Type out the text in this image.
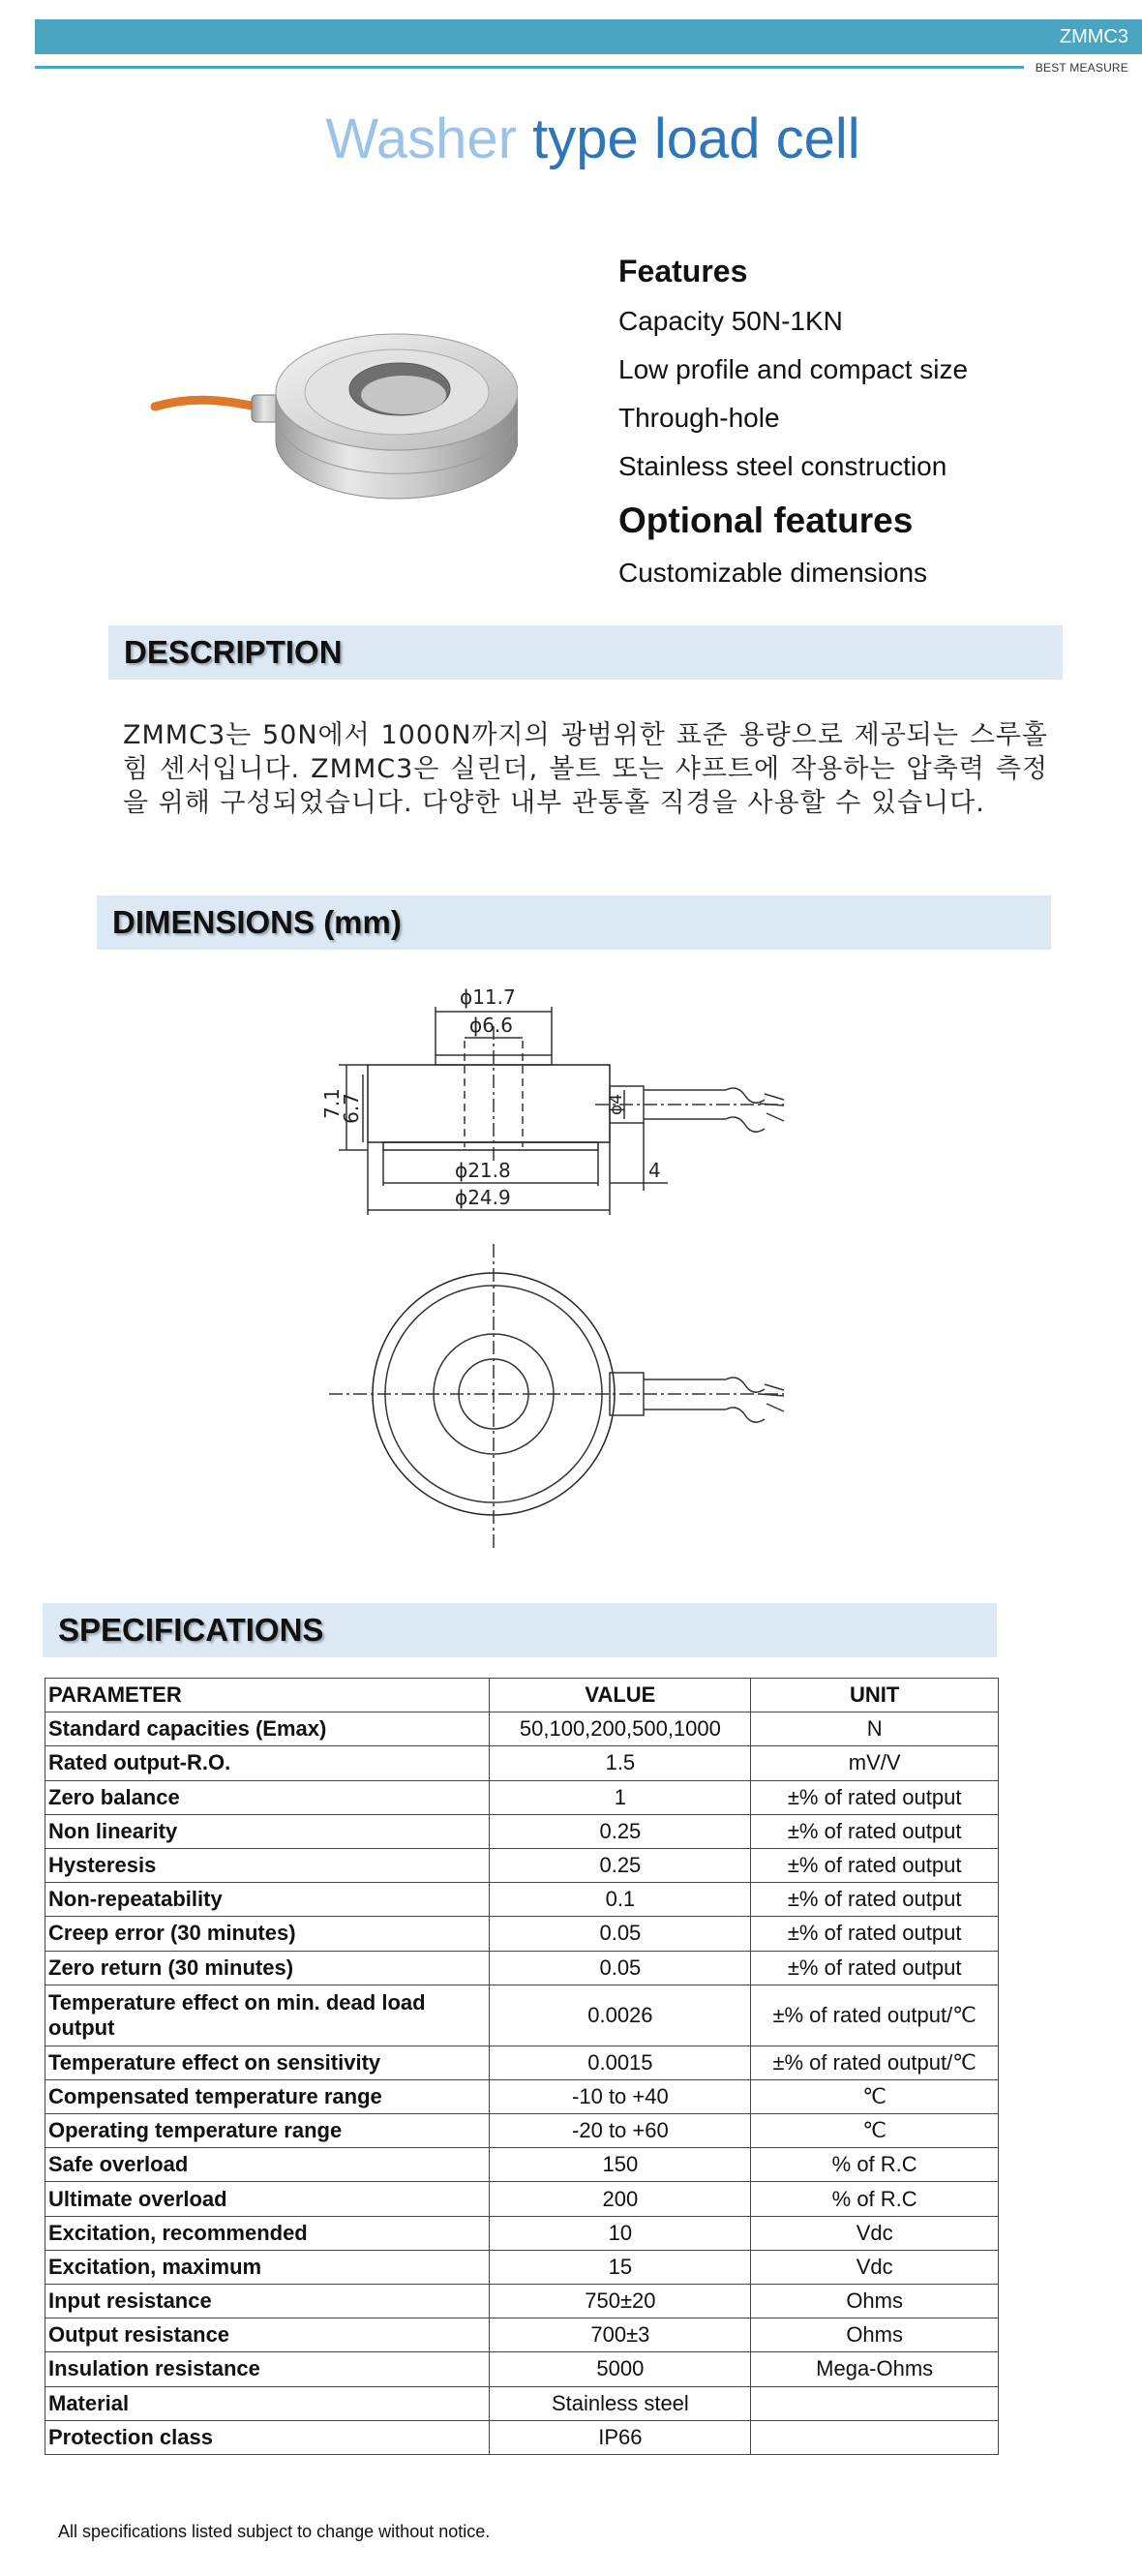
ZMMC3
BEST MEASURE
Washer type load cell
Features
Capacity 50N-1KN
Low profile and compact size
Through-hole
Stainless steel construction
Optional features
Customizable dimensions
DESCRIPTION
ZMMC3는 50N에서 1000N까지의 광범위한 표준 용량으로 제공되는 스루홀 힘 센서입니다. ZMMC3은 실린더, 볼트 또는 샤프트에 작용하는 압축력 측정을 위해 구성되었습니다. 다양한 내부 관통홀 직경을 사용할 수 있습니다.
DIMENSIONS (mm)
ϕ11.7
ϕ6.6
7.1
6.7	ϕ4
ϕ21.8
ϕ24.9
4
SPECIFICATIONS
PARAMETER	VALUE	UNIT
Standard capacities (Emax)	50,100,200,500,1000	N
Rated output-R.O.	1.5	mV/V
Zero balance	1	±% of rated output
Non linearity	0.25	±% of rated output
Hysteresis	0.25	±% of rated output
Non-repeatability	0.1	±% of rated output
Creep error (30 minutes)	0.05	±% of rated output
Zero return (30 minutes)	0.05	±% of rated output
Temperature effect on min. dead load output	0.0026	±% of rated output/℃
Temperature effect on sensitivity	0.0015	±% of rated output/℃
Compensated temperature range	-10 to +40	℃
Operating temperature range	-20 to +60	℃
Safe overload	150	% of R.C
Ultimate overload	200	% of R.C
Excitation, recommended	10	Vdc
Excitation, maximum	15	Vdc
Input resistance	750±20	Ohms
Output resistance	700±3	Ohms
Insulation resistance	5000	Mega-Ohms
Material	Stainless steel	
Protection class	IP66	
All specifications listed subject to change without notice.
